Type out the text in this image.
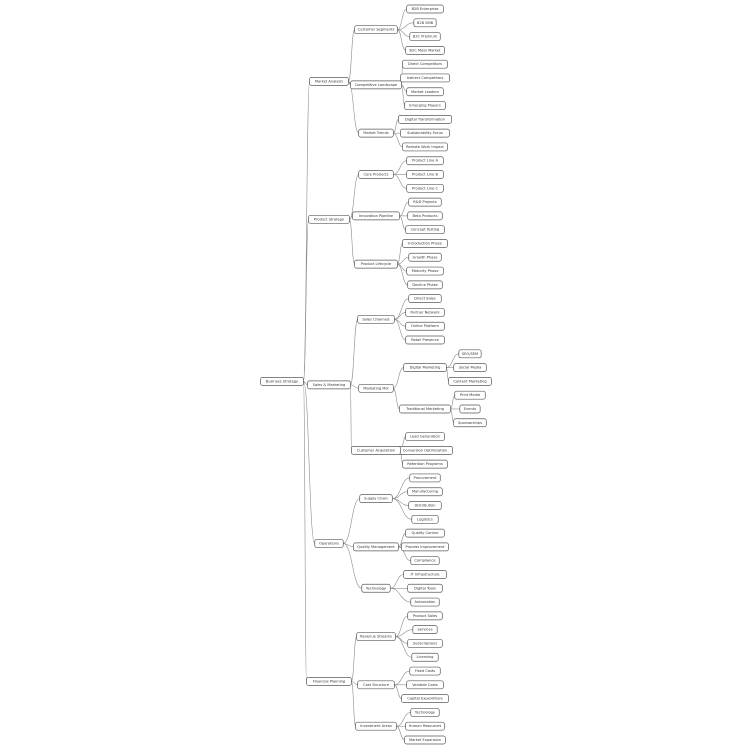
B2B Enterprise
B2B SMB
B2C Premium
B2C Mass Market
Customer Segments
Direct Competitors
Indirect Competitors
Market Leaders
Emerging Players
Competitive Landscape
Digital Transformation
Sustainability Focus
Remote Work Impact
Market Trends
Market Analysis
Product Line A
Product Line B
Product Line C
Core Products
R&D Projects
Beta Products
Concept Testing
Innovation Pipeline
Introduction Phase
Growth Phase
Maturity Phase
Decline Phase
Product Lifecycle
Product Strategy
Direct Sales
Partner Network
Online Platform
Retail Presence
Sales Channels
SEO/SEM
Social Media
Content Marketing
Digital Marketing
Print Media
Events
Sponsorships
Traditional Marketing
Marketing Mix
Lead Generation
Conversion Optimization
Retention Programs
Customer Acquisition
Sales & Marketing
Procurement
Manufacturing
Distribution
Logistics
Supply Chain
Quality Control
Process Improvement
Compliance
Quality Management
IT Infrastructure
Digital Tools
Automation
Technology
Operations
Product Sales
Services
Subscriptions
Licensing
Revenue Streams
Fixed Costs
Variable Costs
Capital Expenditure
Cost Structure
Technology
Human Resources
Market Expansion
Investment Areas
Financial Planning
Business Strategy
